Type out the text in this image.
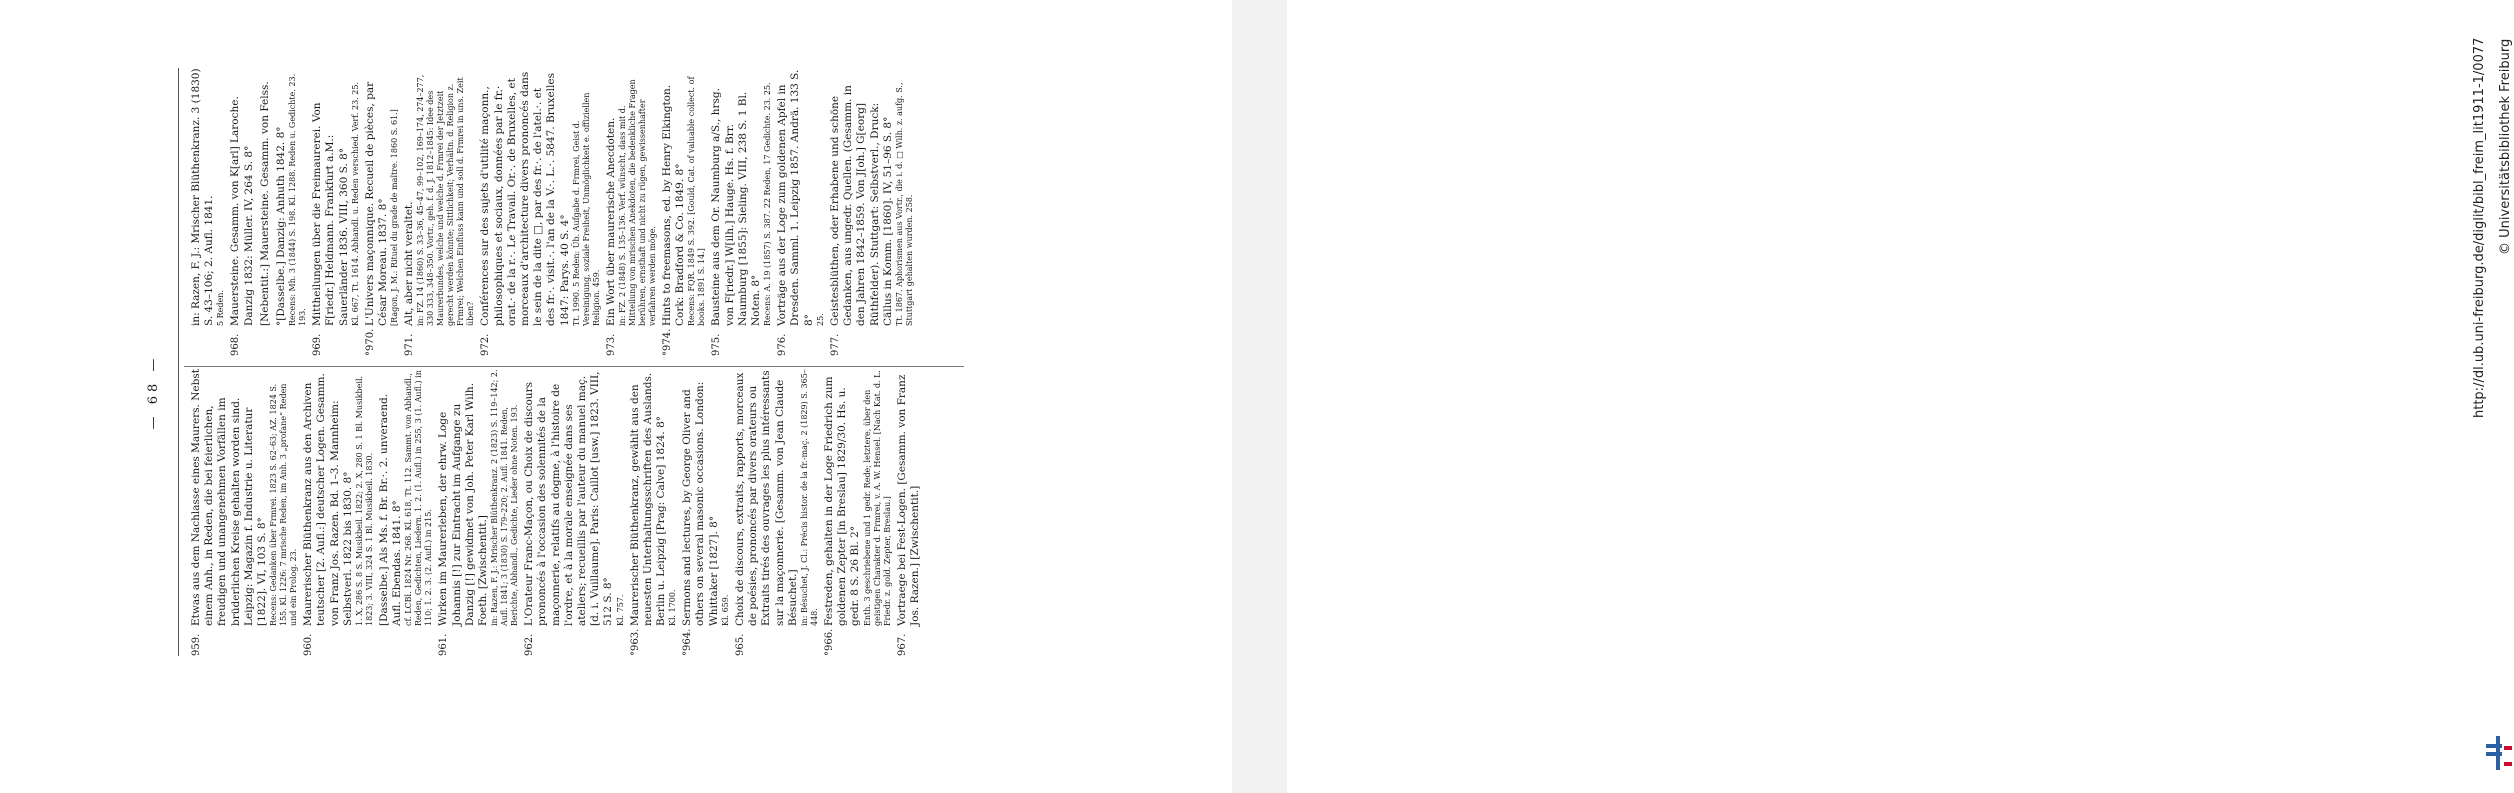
— 68 —
959.
Etwas aus dem Nachlasse eines Maurers. Nebst einem Anh., in Reden, die bei feierlichen, freudigen und unangenehmen Vorfällen im brüderlichen Kreise gehalten worden sind. Leipzig: Magazin f. Industrie u. Literatur [1822]. VI, 103 S. 8° Recens: Gedanken über Frmrei. 1823 S. 62–63; AZ. 1824 S. 155. Kl. 1226: 7 mrische Reden, im Anh. 3 „profane“ Reden und ein Prolog. 23.
960.
Maurerischer Blüthenkranz aus den Archiven teutscher [2. Aufl.:] deutscher Logen. Gesamm. von Franz Jos. Razen. Bd. 1–3. Mannheim: Selbstverl. 1822 bis 1830. 8° 1. X, 286 S. 8 S. Musikbeil. 1822; 2. X, 280 S. 1 Bl. Musikbeil. 1823; 3. VIII, 324 S. 1 Bl. Musikbeil. 1830. [Dasselbe.] Als Ms. f. Br. Br.·. 2. unveraend. Aufl. Ebendas. 1841. 8° cf. LCBl. 1824 Nr. 268. Kl. 618, Tt. 112. Sammt. von Abhandl., Reden, Gedichten, Liedern. 1. 2. (1. Aufl.) in 255, 3 (1. Aufl.) in 110; 1. 2. 3. (2. Aufl.) in 215.
961.
Wirken im Maurerleben, der ehrw. Loge Johannis [!] zur Eintracht im Aufgange zu Danzig [!] gewidmet von Joh. Peter Karl Wilh. Foeth. [Zwischentit.] in: Razen, F. J.: Mrischer Blüthenkranz. 2 (1823) S. 119–142; 2. Aufl. 1841; 3 (1830) S. 179–220; 2. Aufl. 1841. Reden, Berichte, Abhandl., Gedichte, Lieder ohne Noten. 193.
962.
L'Orateur Franc-Maçon, ou Choix de discours prononcés à l'occasion des solennités de la maçonnerie, relatifs au dogme, à l'histoire de l'ordre, et à la morale enseignée dans ses ateliers; recueillis par l'auteur du manuel maç. [d. i. Vuillaume]. Paris: Caillot [usw.] 1823. VIII, 512 S. 8° Kl. 757.
°963.
Maurerischer Blüthenkranz, gewählt aus den neuesten Unterhaltungsschriften des Auslands. Berlin u. Leipzig [Prag: Calve] 1824. 8° Kl. 1700.
°964.
Sermons and lectures, by George Oliver and others on several masonic occasions. London: Whittaker [1827]. 8° Kl. 659.
965.
Choix de discours, extraits, rapports, morceaux de poésies, prononcés par divers orateurs ou Extraits tirés des ouvrages les plus intéressants sur la maçonnerie. [Gesamm. von Jean Claude Bésuchet.] in: Bésuchet, J. Cl.: Précis histor. de la fr.-maç. 2 (1829) S. 365–448.
°966.
Festreden, gehalten in der Loge Friedrich zum goldenen Zepter [in Breslau] 1829/30. Hs. u. gedr. 8 S. 26 Bl. 2° Enth. 3 geschriebene und 1 gedr. Rede; letztere, über den geistigen Charakter d. Frmrei, v. A. W. Hensel. [Nach Kat. d. L. Friedr. z. gold. Zepter, Breslau.]
967.
Vortraege bei Fest-Logen. [Gesamm. von Franz Jos. Razen.] [Zwischentit.]
in: Razen, F. J.: Mrischer Blüthenkranz. 3 (1830) S. 43–106; 2. Aufl. 1841. 5 Reden.
968.
Mauersteine. Gesamm. von K[arl] Laroche. Danzig 1832: Müller. IV, 264 S. 8° [Nebentit.:] Mauersteine. Gesamm. von Felss. °[Dasselbe.] Danzig: Anhuth 1842. 8° Recens: Mh. 3 (1844) S. 198. Kl. 1288. Reden u. Gedichte. 23. 193.
969.
Mittheilungen über die Freimaurerei. Von F[riedr.] Heldmann. Frankfurt a.M.: Sauerländer 1836. VIII, 360 S. 8° Kl. 667, Tt. 1614. Abhandl. u. Reden verschied. Verf. 23. 25.
°970.
L'Univers maçonnique. Recueil de pièces, par César Moreau. 1837. 8° [Ragon, J. M.: Rituel du grade de maître. 1860 S. 61.]
971.
Alt, aber nicht veraltet. in: FZ. 14 (1860) S. 33–36, 45–47, 99–102, 169–174, 274–277, 330 333, 348–350. Vortr., geh. f. d. J. 1812–1845: Idee des Maurerbundes, welche und welche d. Frmrei der Jetztzeit gerecht werden könnte; Sittlichkeit; Verhältn. d. Religion z. Frmrei; Welchen Einfluss kann und soll d. Frmrei in uns. Zeit üben?
972.
Conférences sur des sujets d'utilité maçonn., philosophiques et sociaux, données par le fr.· orat.· de la r.·. Le Travail. Or.·. de Bruxelles, et morceaux d'architecture divers prononcés dans le sein de la dite □, par des fr.·. de l'atel.·. et des fr.·. visit.·. l'an de la V.·. L.·. 5847. Bruxelles 1847: Parys. 40 S. 4° Tt. 1990. 5 Reden: Üb. Aufgabe d. Frmrei, Geist d. Vereinigung, soziale Freiheit, Unmöglichkeit e. offiziellen Religion. 459.
973.
Ein Wort über maurerische Anecdoten. in: FZ. 2 (1848) S. 135–136. Verf. wünscht, dass mit d. Mitteilung von mrischen Anekdoten, die bedenkliche Fragen berühren, ernsthaft und nicht zu rügen, gewissenhafter verfahren werden möge.
°974.
Hints to freemasons, ed. by Henry Elkington. Cork: Bradford & Co. 1849. 8° Recens: FQR. 1849 S. 392. [Gould, Cat. of valuable collect. of books. 1891 S. 14.]
975.
Bausteine aus dem Or. Naumburg a/S., hrsg. von F[riedr.] W[ilh.] Hauge. Hs. f. Brr. Naumburg [1855]: Sieling. VIII, 238 S. 1 Bl. Noten. 8° Recens: A. 19 (1857) S. 387. 22 Reden, 17 Gedichte. 23. 25.
976.
Vorträge aus der Loge zum goldenen Apfel in Dresden. Samml. 1. Leipzig 1857. Andrä. 133 S. 8° 25.
977.
Geistesblüthen, oder Erhabene und schöne Gedanken, aus ungedr. Quellen. (Gesamm. in den Jahren 1842–1859. Von J[oh.] G[eorg] Rüthfelder). Stuttgart: Selbstverl., Druck: Cällus in Komm. [1860]. IV, 51–96 S. 8° Tt. 1867. Aphorismen aus Vortr., die i. d. □ Wilh. z. aufg. S., Stuttgart gehalten wurden. 258.	http://dl.ub.uni-freiburg.de/diglit/bibl_freim_lit1911-1/0077 © Universitätsbibliothek Freiburg
